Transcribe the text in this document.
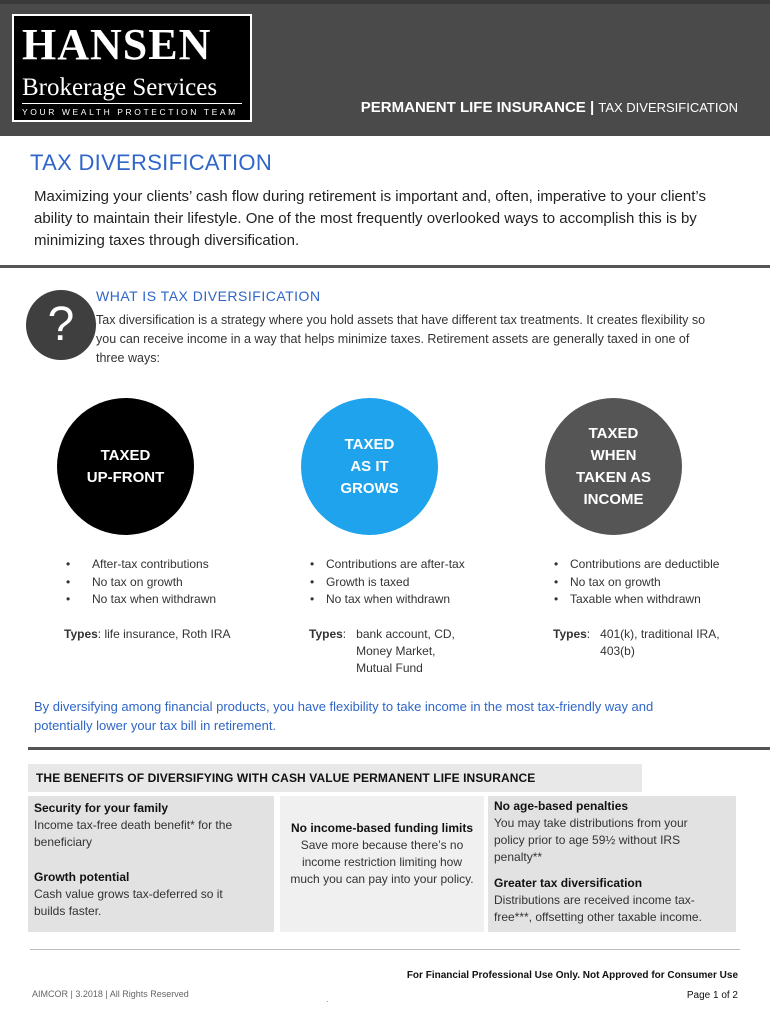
HANSEN
Brokerage Services
YOUR WEALTH PROTECTION TEAM	PERMANENT LIFE INSURANCE | TAX DIVERSIFICATION
TAX DIVERSIFICATION
Maximizing your clients’ cash flow during retirement is important and, often, imperative to your client’s ability to maintain their lifestyle. One of the most frequently overlooked ways to accomplish this is by minimizing taxes through diversification.
?
WHAT IS TAX DIVERSIFICATION
Tax diversification is a strategy where you hold assets that have different tax treatments. It creates flexibility so you can receive income in a way that helps minimize taxes. Retirement assets are generally taxed in one of three ways:
TAXED
UP-FRONT
TAXED
AS IT
GROWS
TAXED
WHEN
TAKEN AS
INCOME
• After-tax contributions
• No tax on growth
• No tax when withdrawn
• Contributions are after-tax
• Growth is taxed
• No tax when withdrawn
• Contributions are deductible
• No tax on growth
• Taxable when withdrawn
Types : life insurance, Roth IRA	Types : bank account, CD,
Money Market,
Mutual Fund
Types : 401(k), traditional IRA,
403(b)
By diversifying among financial products, you have flexibility to take income in the most tax-friendly way and potentially lower your tax bill in retirement.
THE BENEFITS OF DIVERSIFYING WITH CASH VALUE PERMANENT LIFE INSURANCE
Security for your family
Income tax-free death benefit* for the beneficiary
Growth potential
Cash value grows tax-deferred so it builds faster.
No income-based funding limits
Save more because there’s no income restriction limiting how much you can pay into your policy.
No age-based penalties
You may take distributions from your policy prior to age 59½ without IRS penalty**
Greater tax diversification
Distributions are received income tax-free***, offsetting other taxable income.
AIMCOR | 3.2018 | All Rights Reserved	.
For Financial Professional Use Only. Not Approved for Consumer Use
Page 1 of 2
